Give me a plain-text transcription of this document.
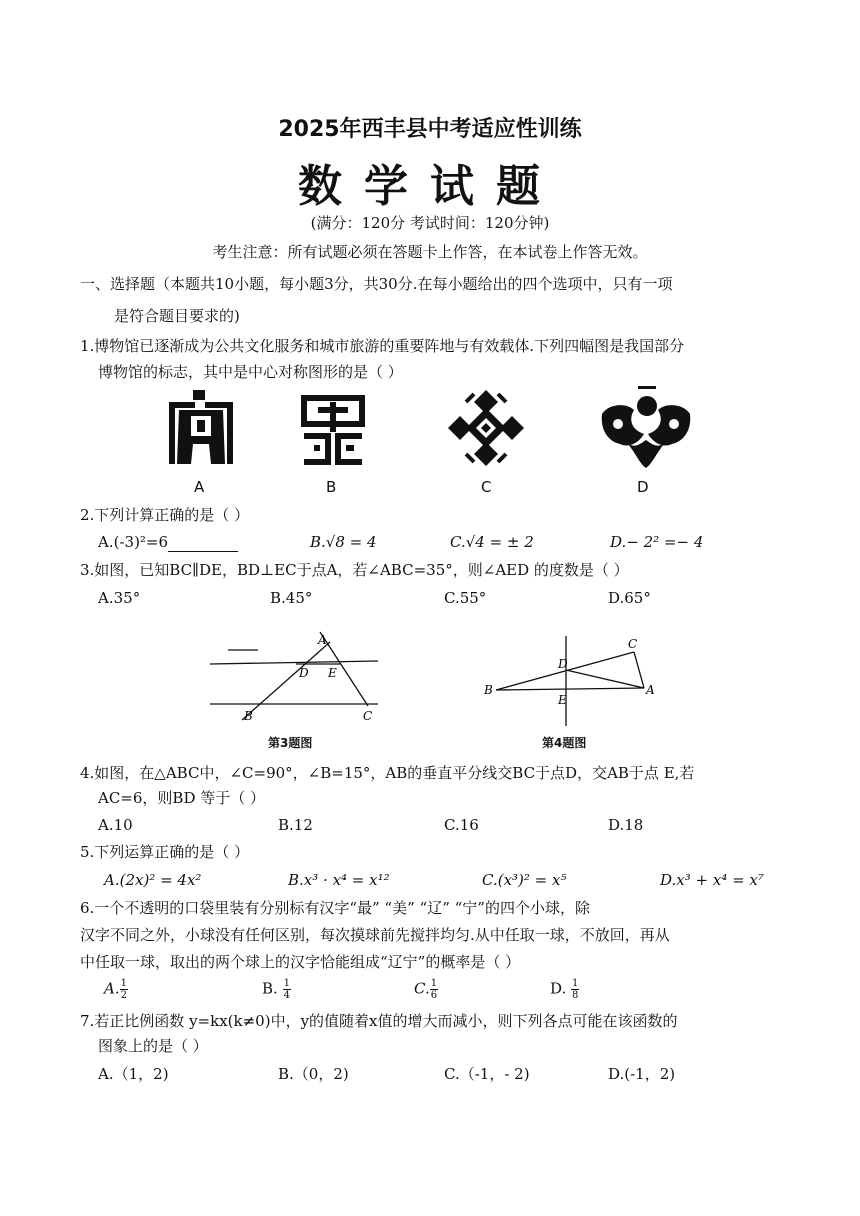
2025年西丰县中考适应性训练
数学试题
(满分：120分 考试时间：120分钟)
考生注意：所有试题必须在答题卡上作答，在本试卷上作答无效。
一、选择题（本题共10小题，每小题3分，共30分.在每小题给出的四个选项中，只有一项
是符合题目要求的)
1.博物馆已逐渐成为公共文化服务和城市旅游的重要阵地与有效载体.下列四幅图是我国部分
博物馆的标志，其中是中心对称图形的是（ ）
A	B	C	D
2.下列计算正确的是（ ）
A.(-3)²=6	B.√8 = 4	C.√4 = ± 2	D.− 2² =− 4
3.如图，已知BC∥DE，BD⊥EC于点A，若∠ABC=35°，则∠AED 的度数是（ ）
A.35°	B.45°	C.55°	D.65°
A
D E
B	C
第3题图
C
D
B
E
A
第4题图
4.如图，在△ABC中，∠C=90°，∠B=15°，AB的垂直平分线交BC于点D，交AB于点 E,若
AC=6，则BD 等于（ ）
A.10	B.12	C.16	D.18
5.下列运算正确的是（ ）
A.(2x)² = 4x²	B.x³ · x⁴ = x¹²	C.(x³)² = x⁵	D.x³ + x⁴ = x⁷
6.一个不透明的口袋里装有分别标有汉字“最” “美” “辽” “宁”的四个小球，除
汉字不同之外，小球没有任何区别，每次摸球前先搅拌均匀.从中任取一球，不放回，再从
中任取一球，取出的两个球上的汉字恰能组成“辽宁”的概率是（ ）
A. $\frac{1}{2}$	B. $\frac{1}{4}$	C. $\frac{1}{6}$	D. $\frac{1}{8}$
7.若正比例函数 y=kx(k≠0)中，y的值随着x值的增大而减小，则下列各点可能在该函数的
图象上的是（ ）
A.（1，2)	B.（0，2)	C.（-1，- 2)	D.(-1，2)
